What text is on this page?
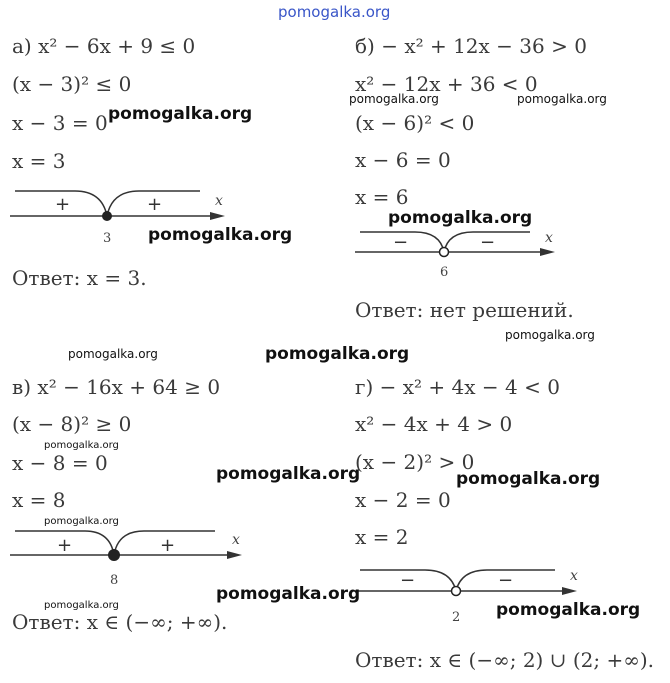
pomogalka.org
а) x² − 6x + 9 ≤ 0
(x − 3)² ≤ 0
x − 3 = 0
x = 3
+	+
3
x
Ответ: x = 3.
б) − x² + 12x − 36 > 0
x² − 12x + 36 < 0
(x − 6)² < 0
x − 6 = 0
x = 6
−	−
6
x
Ответ: нет решений.
в) x² − 16x + 64 ≥ 0
(x − 8)² ≥ 0
x − 8 = 0
x = 8
+	+
8
x
Ответ: x ∈ (−∞; +∞).
г) − x² + 4x − 4 < 0
x² − 4x + 4 > 0
(x − 2)² > 0
x − 2 = 0
x = 2
−	−
2
x
Ответ: x ∈ (−∞; 2) ∪ (2; +∞).
pomogalka.org
pomogalka.org	pomogalka.org
pomogalka.org
pomogalka.org
pomogalka.org
pomogalka.org	pomogalka.org
pomogalka.org
pomogalka.org	pomogalka.org
pomogalka.org
pomogalka.org
pomogalka.org
pomogalka.org
